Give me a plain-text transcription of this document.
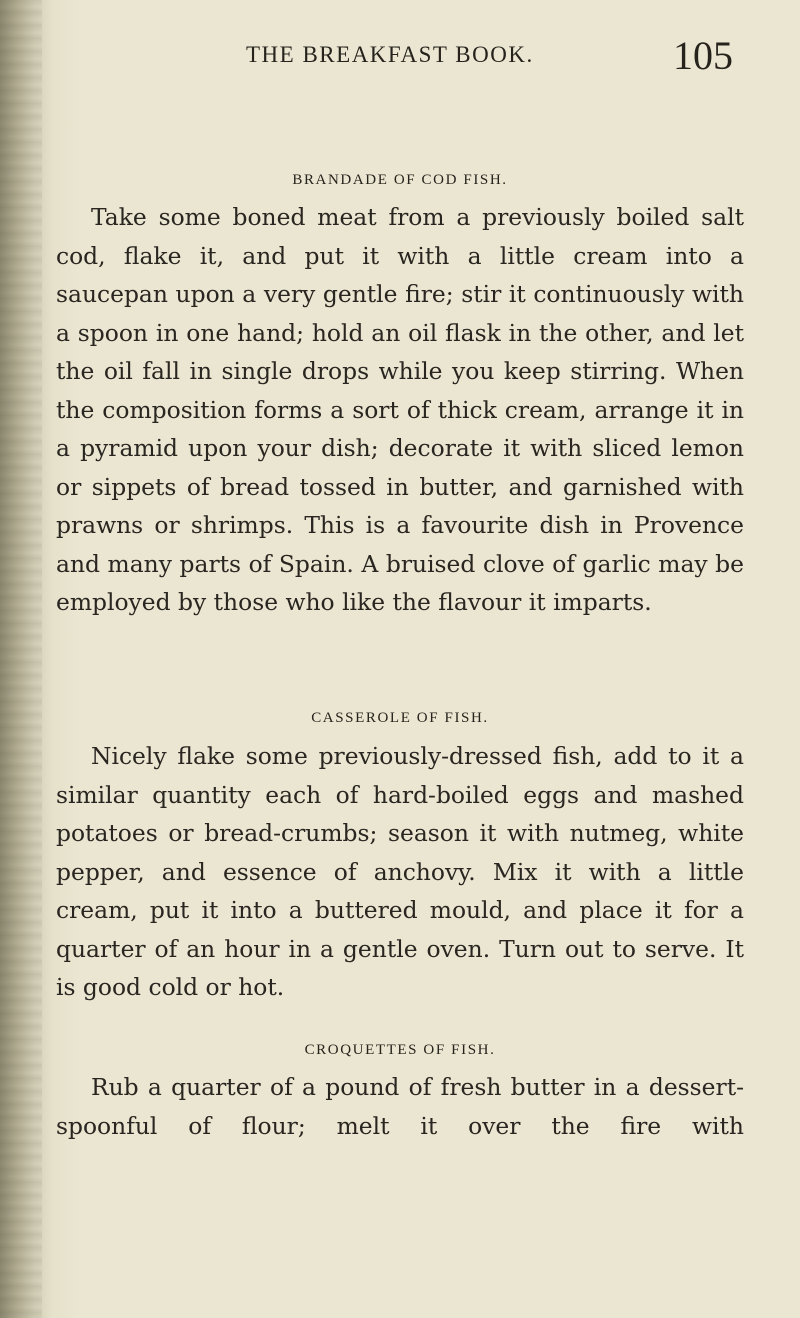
THE BREAKFAST BOOK.	105
BRANDADE OF COD FISH.
Take some boned meat from a previously boiled salt cod, flake it, and put it with a little cream into a saucepan upon a very gentle fire; stir it continuously with a spoon in one hand; hold an oil flask in the other, and let the oil fall in single drops while you keep stirring. When the composition forms a sort of thick cream, arrange it in a pyramid upon your dish; decorate it with sliced lemon or sippets of bread tossed in butter, and garnished with prawns or shrimps. This is a favourite dish in Provence and many parts of Spain. A bruised clove of garlic may be employed by those who like the flavour it imparts.
CASSEROLE OF FISH.
Nicely flake some previously-dressed fish, add to it a similar quantity each of hard-boiled eggs and mashed potatoes or bread-crumbs; season it with nutmeg, white pepper, and essence of anchovy. Mix it with a little cream, put it into a buttered mould, and place it for a quarter of an hour in a gentle oven. Turn out to serve. It is good cold or hot.
CROQUETTES OF FISH.
Rub a quarter of a pound of fresh butter in a dessert-spoonful of flour; melt it over the fire with
